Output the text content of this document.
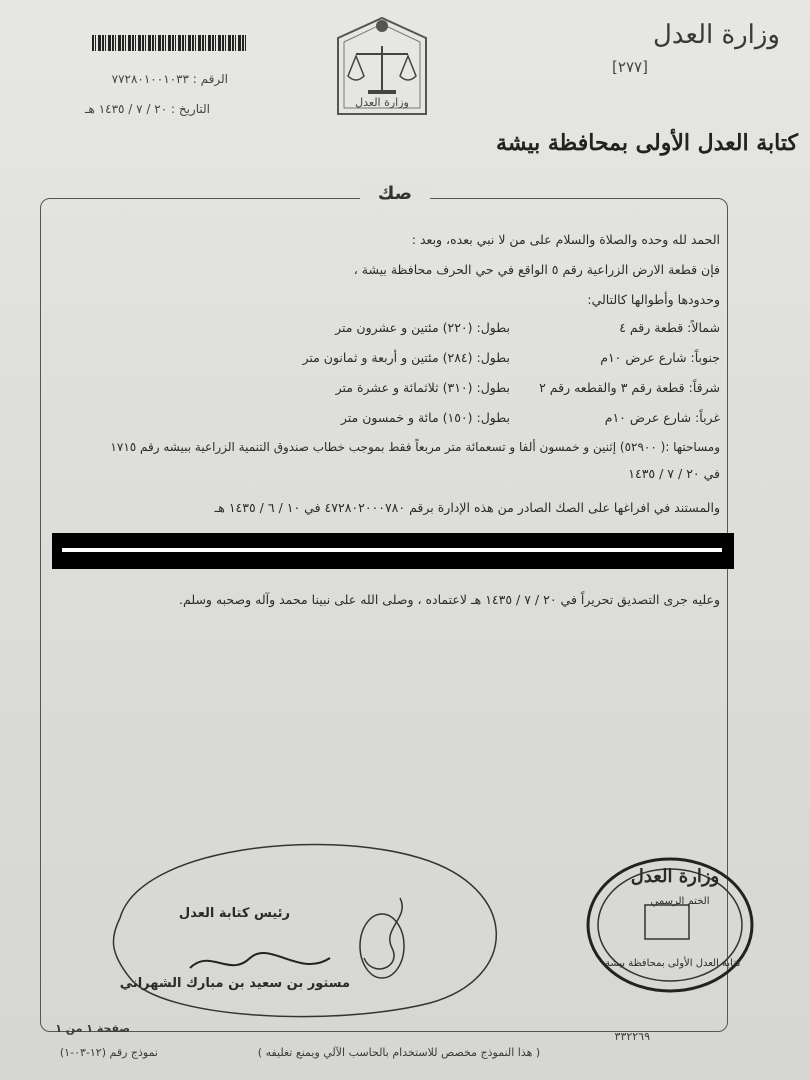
الرقم : ٧٧٢٨٠١٠٠١٠٣٣
التاريخ : ٢٠ / ٧ / ١٤٣٥ هـ	وزارة العدل
وزارة العدل
[٢٧٧]
كتابة العدل الأولى بمحافظة بيشة
صك
الحمد لله وحده والصلاة والسلام على من لا نبي بعده، وبعد :
فإن قطعة الارض الزراعية رقم ٥ الواقع في حي الحرف محافظة بيشة ،
وحدودها وأطوالها كالتالي:
شمالاً: قطعة رقم ٤
بطول: (٢٢٠) مئتين و عشرون متر
جنوباً: شارع عرض ١٠م
بطول: (٢٨٤) مئتين و أربعة و ثمانون متر
شرقاً: قطعة رقم ٣ والقطعه رقم ٢
بطول: (٣١٠) ثلاثمائة و عشرة متر
غرباً: شارع عرض ١٠م
بطول: (١٥٠) مائة و خمسون متر
ومساحتها :( ٥٢٩٠٠) إثنين و خمسون ألفا و تسعمائة متر مربعاً فقط بموجب خطاب صندوق التنمية الزراعية ببيشه رقم ١٧١٥
في ٢٠ / ٧ / ١٤٣٥
والمستند في افراغها على الصك الصادر من هذه الإدارة برقم ٤٧٢٨٠٢٠٠٠٧٨٠ في ١٠ / ٦ / ١٤٣٥ هـ
وعليه جرى التصديق تحريراً في ٢٠ / ٧ / ١٤٣٥ هـ لاعتماده ، وصلى الله على نبينا محمد وآله وصحبه وسلم.
رئيس كتابة العدل
مستور بن سعيد بن مبارك الشهراني
وزارة العدل
الختم الرسمي
كتابة العدل الأولى بمحافظة بيشة
صفحة ١ من ١
نموذج رقم (١٢-٠٣-١)	( هذا النموذج مخصص للاستخدام بالحاسب الآلي ويمنع تغليفه )
٣٣٢٢٦٩
